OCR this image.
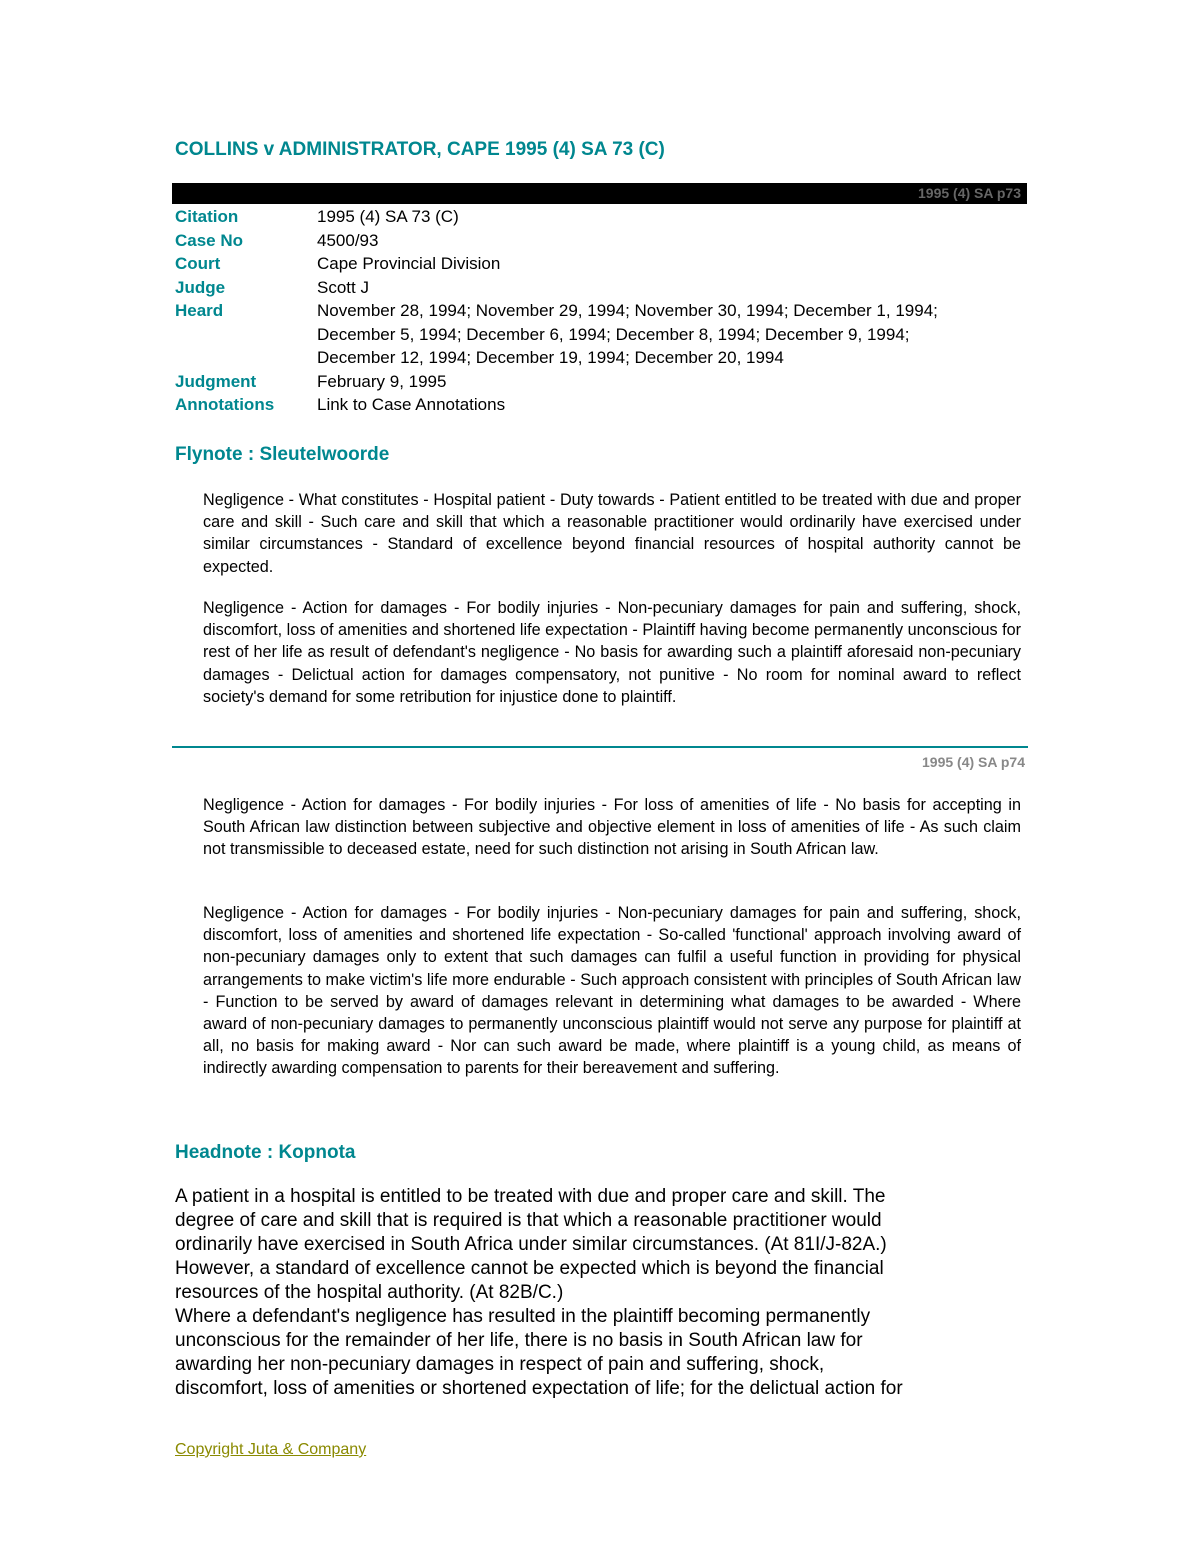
COLLINS v ADMINISTRATOR, CAPE 1995 (4) SA 73 (C)
1995 (4) SA p73
Citation	1995 (4) SA 73 (C)
Case No	4500/93
Court	Cape Provincial Division
Judge	Scott J
Heard	November 28, 1994; November 29, 1994; November 30, 1994; December 1, 1994;
December 5, 1994; December 6, 1994; December 8, 1994; December 9, 1994;
December 12, 1994; December 19, 1994; December 20, 1994
Judgment	February 9, 1995
Annotations	Link to Case Annotations
Flynote : Sleutelwoorde

Negligence - What constitutes - Hospital patient - Duty towards - Patient entitled to be treated with due and proper care and skill - Such care and skill that which a reasonable practitioner would ordinarily have exercised under similar circumstances - Standard of excellence beyond financial resources of hospital authority cannot be expected.

Negligence - Action for damages - For bodily injuries - Non-pecuniary damages for pain and suffering, shock, discomfort, loss of amenities and shortened life expectation - Plaintiff having become permanently unconscious for rest of her life as result of defendant's negligence - No basis for awarding such a plaintiff aforesaid non-pecuniary damages - Delictual action for damages compensatory, not punitive - No room for nominal award to reflect society's demand for some retribution for injustice done to plaintiff.

1995 (4) SA p74

Negligence - Action for damages - For bodily injuries - For loss of amenities of life - No basis for accepting in South African law distinction between subjective and objective element in loss of amenities of life - As such claim not transmissible to deceased estate, need for such distinction not arising in South African law.

Negligence - Action for damages - For bodily injuries - Non-pecuniary damages for pain and suffering, shock, discomfort, loss of amenities and shortened life expectation - So-called 'functional' approach involving award of non-pecuniary damages only to extent that such damages can fulfil a useful function in providing for physical arrangements to make victim's life more endurable - Such approach consistent with principles of South African law - Function to be served by award of damages relevant in determining what damages to be awarded - Where award of non-pecuniary damages to permanently unconscious plaintiff would not serve any purpose for plaintiff at all, no basis for making award - Nor can such award be made, where plaintiff is a young child, as means of indirectly awarding compensation to parents for their bereavement and suffering.

Headnote : Kopnota
A patient in a hospital is entitled to be treated with due and proper care and skill. The
degree of care and skill that is required is that which a reasonable practitioner would
ordinarily have exercised in South Africa under similar circumstances. (At 81I/J-82A.)
However, a standard of excellence cannot be expected which is beyond the financial
resources of the hospital authority. (At 82B/C.)
Where a defendant's negligence has resulted in the plaintiff becoming permanently
unconscious for the remainder of her life, there is no basis in South African law for
awarding her non-pecuniary damages in respect of pain and suffering, shock,
discomfort, loss of amenities or shortened expectation of life; for the delictual action for
Copyright Juta & Company
